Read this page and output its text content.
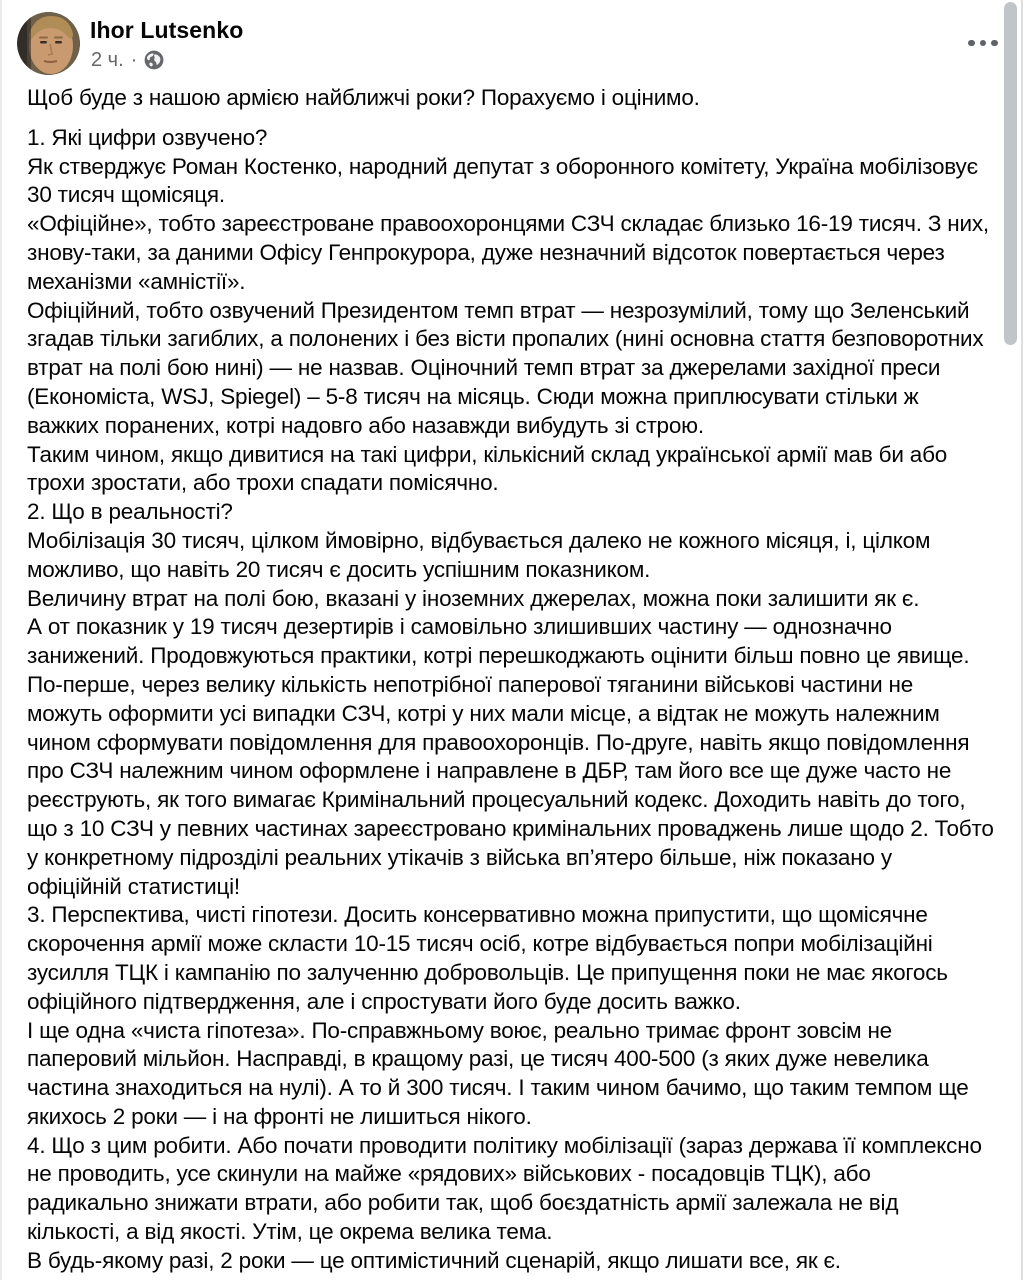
Ihor Lutsenko
2 ч. ·
Щоб буде з нашою армією найближчі роки? Порахуємо і оцінимо.
1. Які цифри озвучено?
Як стверджує Роман Костенко, народний депутат з оборонного комітету, Україна мобілізовує
30 тисяч щомісяця.
«Офіційне», тобто зареєстроване правоохоронцями СЗЧ складає близько 16-19 тисяч. З них,
знову-таки, за даними Офісу Генпрокурора, дуже незначний відсоток повертається через
механізми «амністії».
Офіційний, тобто озвучений Президентом темп втрат — незрозумілий, тому що Зеленський
згадав тільки загиблих, а полонених і без вісти пропалих (нині основна стаття безповоротних
втрат на полі бою нині) — не назвав. Оціночний темп втрат за джерелами західної преси
(Економіста, WSJ, Spiegel) – 5-8 тисяч на місяць. Сюди можна приплюсувати стільки ж
важких поранених, котрі надовго або назавжди вибудуть зі строю.
Таким чином, якщо дивитися на такі цифри, кількісний склад української армії мав би або
трохи зростати, або трохи спадати помісячно.
2. Що в реальності?
Мобілізація 30 тисяч, цілком ймовірно, відбувається далеко не кожного місяця, і, цілком
можливо, що навіть 20 тисяч є досить успішним показником.
Величину втрат на полі бою, вказані у іноземних джерелах, можна поки залишити як є.
А от показник у 19 тисяч дезертирів і самовільно злишивших частину — однозначно
занижений. Продовжуються практики, котрі перешкоджають оцінити більш повно це явище.
По-перше, через велику кількість непотрібної паперової тяганини військові частини не
можуть оформити усі випадки СЗЧ, котрі у них мали місце, а відтак не можуть належним
чином сформувати повідомлення для правоохоронців. По-друге, навіть якщо повідомлення
про СЗЧ належним чином оформлене і направлене в ДБР, там його все ще дуже часто не
реєструють, як того вимагає Кримінальний процесуальний кодекс. Доходить навіть до того,
що з 10 СЗЧ у певних частинах зареєстровано кримінальних проваджень лише щодо 2. Тобто
у конкретному підрозділі реальних утікачів з війська вп’ятеро більше, ніж показано у
офіційній статистиці!
3. Перспектива, чисті гіпотези. Досить консервативно можна припустити, що щомісячне
скорочення армії може скласти 10-15 тисяч осіб, котре відбувається попри мобілізаційні
зусилля ТЦК і кампанію по залученню добровольців. Це припущення поки не має якогось
офіційного підтвердження, але і спростувати його буде досить важко.
І ще одна «чиста гіпотеза». По-справжньому воює, реально тримає фронт зовсім не
паперовий мільйон. Насправді, в кращому разі, це тисяч 400-500 (з яких дуже невелика
частина знаходиться на нулі). А то й 300 тисяч. І таким чином бачимо, що таким темпом ще
якихось 2 роки — і на фронті не лишиться нікого.
4. Що з цим робити. Або почати проводити політику мобілізації (зараз держава її комплексно
не проводить, усе скинули на майже «рядових» військових - посадовців ТЦК), або
радикально знижати втрати, або робити так, щоб боєздатність армії залежала не від
кількості, а від якості. Утім, це окрема велика тема.
В будь-якому разі, 2 роки — це оптимістичний сценарій, якщо лишати все, як є.
